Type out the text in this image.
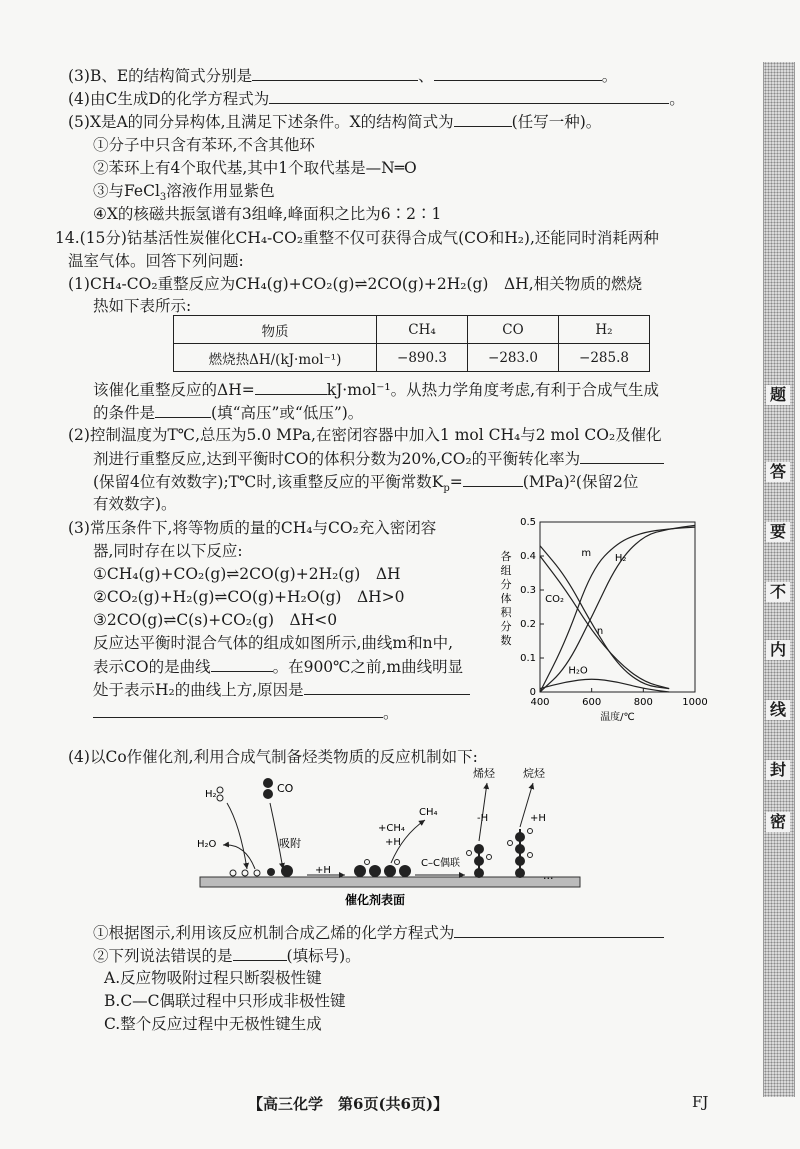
(3)B、E的结构简式分别是	、	。
(4)由C生成D的化学方程式为	。
(5)X是A的同分异构体,且满足下述条件。X的结构简式为	(任写一种)。
①分子中只含有苯环,不含其他环
②苯环上有4个取代基,其中1个取代基是—N═O
③与FeCl$_3$溶液作用显紫色
④X的核磁共振氢谱有3组峰,峰面积之比为6∶2∶1
14.(15分)钴基活性炭催化CH₄-CO₂重整不仅可获得合成气(CO和H₂),还能同时消耗两种
温室气体。回答下列问题:
(1)CH₄-CO₂重整反应为CH₄(g)+CO₂(g)⇌2CO(g)+2H₂(g)　ΔH,相关物质的燃烧
热如下表所示:
物质	CH₄	CO	H₂
燃烧热ΔH/(kJ·mol⁻¹)	−890.3	−283.0	−285.8
该催化重整反应的ΔH=	kJ·mol⁻¹。从热力学角度考虑,有利于合成气生成
的条件是	(填“高压”或“低压”)。
(2)控制温度为T℃,总压为5.0 MPa,在密闭容器中加入1 mol CH₄与2 mol CO₂及催化
剂进行重整反应,达到平衡时CO的体积分数为20%,CO₂的平衡转化率为
(保留4位有效数字);T℃时,该重整反应的平衡常数$K_p=$	(MPa)²(保留2位
有效数字)。
(3)常压条件下,将等物质的量的CH₄与CO₂充入密闭容
器,同时存在以下反应:
①CH₄(g)+CO₂(g)⇌2CO(g)+2H₂(g)　ΔH
②CO₂(g)+H₂(g)⇌CO(g)+H₂O(g)　ΔH>0
③2CO(g)⇌C(s)+CO₂(g)　ΔH<0
反应达平衡时混合气体的组成如图所示,曲线m和n中,
表示CO的是曲线	。在900℃之前,m曲线明显
处于表示H₂的曲线上方,原因是
。
400	600	800	1000
0
0.1
0.2
0.3
0.4
0.5
温度/℃
各
组
分
体
积
分
数
m H₂
CO₂
n
H₂O
(4)以Co作催化剂,利用合成气制备烃类物质的反应机制如下:
催化剂表面
H₂	CO
H₂O	吸附
+H
+CH₄
+H
CH₄
C–C偶联
...
烯烃	烷烃
-H	+H
①根据图示,利用该反应机制合成乙烯的化学方程式为
②下列说法错误的是	(填标号)。
A.反应物吸附过程只断裂极性键
B.C—C偶联过程中只形成非极性键
C.整个反应过程中无极性键生成
【高三化学　第6页(共6页)】	FJ
题
答
要
不
内
线
封
密
